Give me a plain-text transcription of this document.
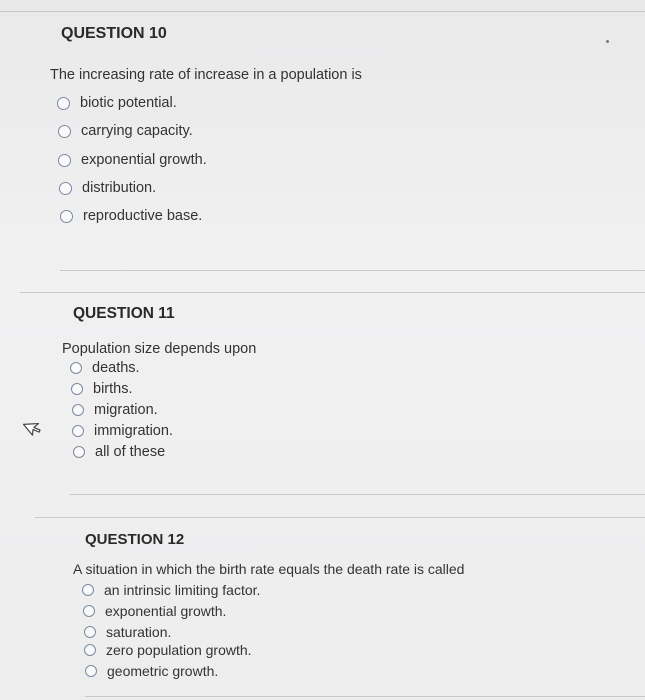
QUESTION 10
The increasing rate of increase in a population is
biotic potential.
carrying capacity.
exponential growth.
distribution.
reproductive base.
QUESTION 11
Population size depends upon
deaths.
births.
migration.
immigration.
all of these
QUESTION 12
A situation in which the birth rate equals the death rate is called
an intrinsic limiting factor.
exponential growth.
saturation.
zero population growth.
geometric growth.
